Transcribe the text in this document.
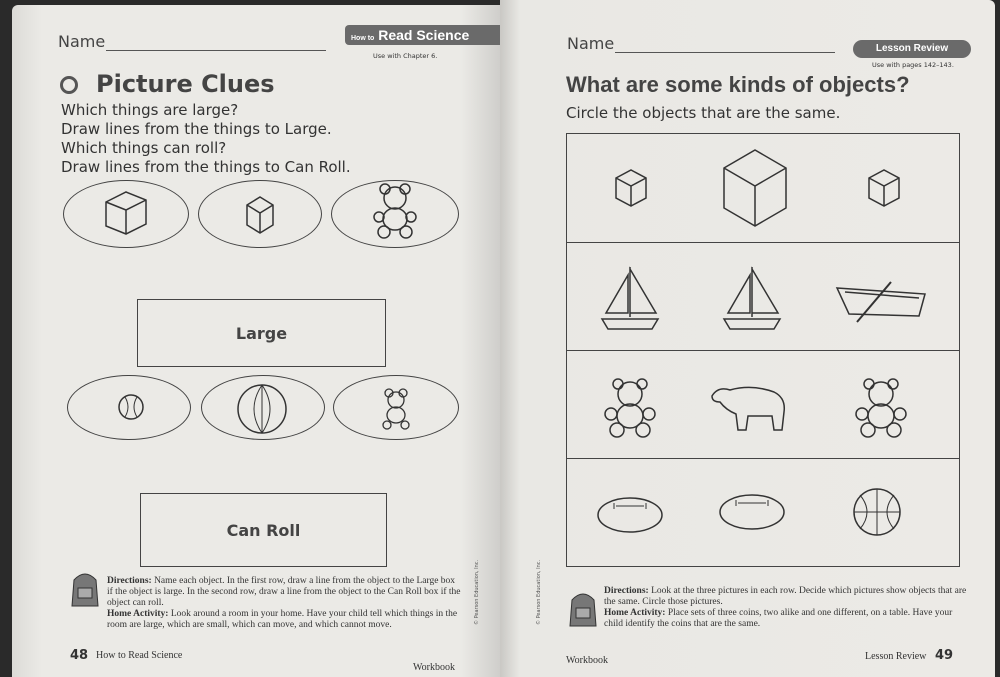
Name	How to Read Science
Use with Chapter 6.
Picture Clues
Which things are large?
Draw lines from the things to Large.
Which things can roll?
Draw lines from the things to Can Roll.
Large
Can Roll
Directions: Name each object. In the first row, draw a line from the object to the Large box if the object is large. In the second row, draw a line from the object to the Can Roll box if the object can roll.
Home Activity: Look around a room in your home. Have your child tell which things in the room are large, which are small, which can move, and which cannot move.	© Pearson Education, Inc.
48 How to Read Science
Workbook
Name	Lesson Review
Use with pages 142–143.
What are some kinds of objects?
Circle the objects that are the same.
Directions: Look at the three pictures in each row. Decide which pictures show objects that are the same. Circle those pictures.
Home Activity: Place sets of three coins, two alike and one different, on a table. Have your child identify the coins that are the same.
© Pearson Education, Inc.
Workbook	Lesson Review 49
